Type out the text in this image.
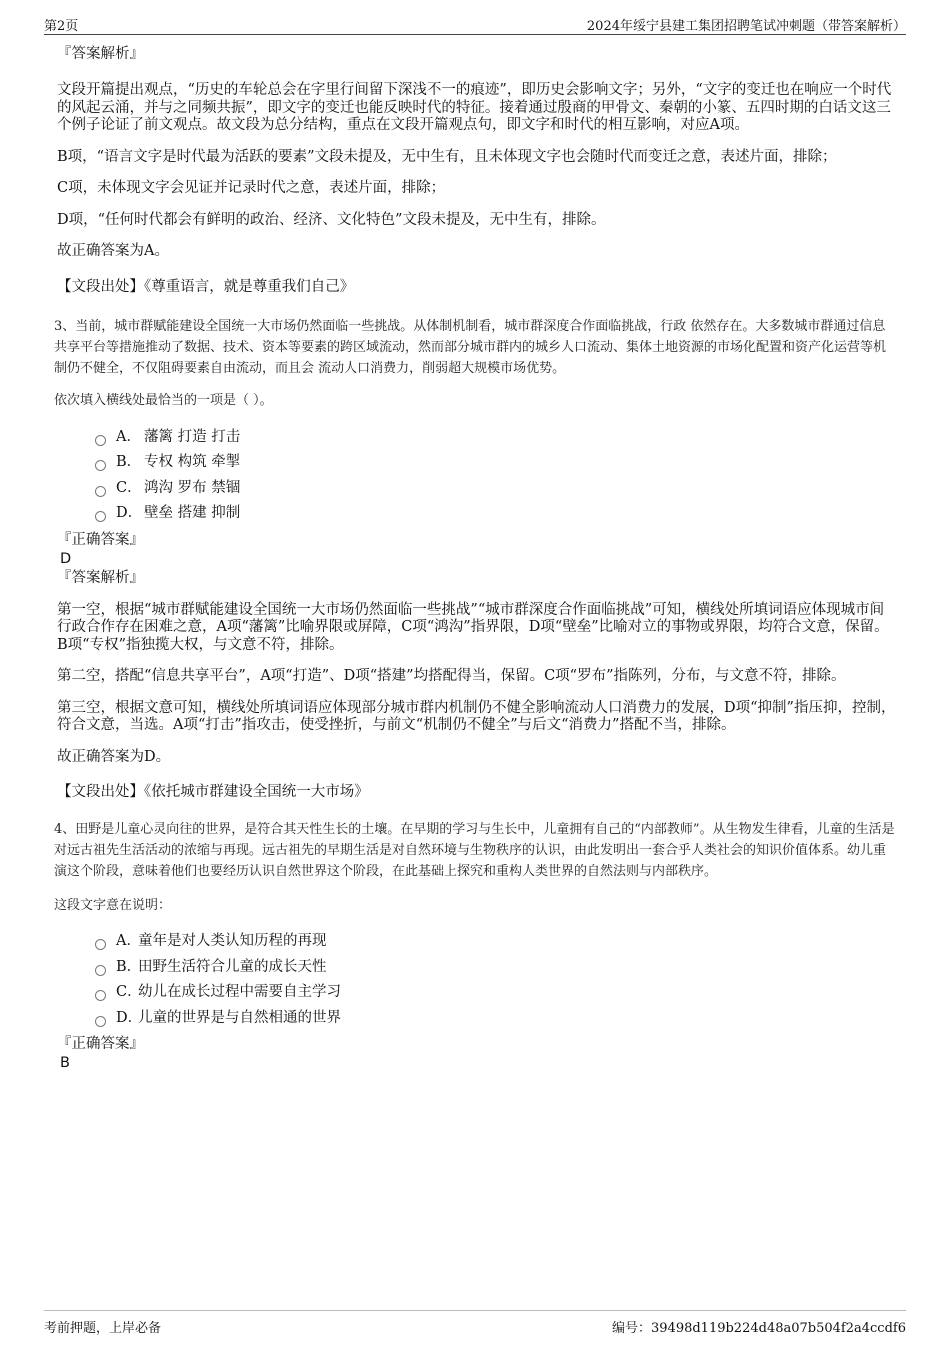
第2页	2024年绥宁县建工集团招聘笔试冲刺题（带答案解析）

『答案解析』

文段开篇提出观点，“历史的车轮总会在字里行间留下深浅不一的痕迹”，即历史会影响文字；另外，“文字的变迁也在响应一个时代的风起云涌，并与之同频共振”，即文字的变迁也能反映时代的特征。接着通过殷商的甲骨文、秦朝的小篆、五四时期的白话文这三个例子论证了前文观点。故文段为总分结构，重点在文段开篇观点句，即文字和时代的相互影响，对应A项。

B项，“语言文字是时代最为活跃的要素”文段未提及，无中生有，且未体现文字也会随时代而变迁之意，表述片面，排除；

C项，未体现文字会见证并记录时代之意，表述片面，排除；

D项，“任何时代都会有鲜明的政治、经济、文化特色”文段未提及，无中生有，排除。

故正确答案为A。

【文段出处】《尊重语言，就是尊重我们自己》

3、当前，城市群赋能建设全国统一大市场仍然面临一些挑战。从体制机制看，城市群深度合作面临挑战，行政 依然存在。大多数城市群通过信息共享平台等措施推动了数据、技术、资本等要素的跨区域流动，然而部分城市群内的城乡人口流动、集体土地资源的市场化配置和资产化运营等机制仍不健全，不仅阻碍要素自由流动，而且会 流动人口消费力，削弱超大规模市场优势。

依次填入横线处最恰当的一项是（ ）。

A． 藩篱 打造 打击
B． 专权 构筑 牵掣
C． 鸿沟 罗布 禁锢
D． 壁垒 搭建 抑制

『正确答案』

D

『答案解析』

第一空，根据“城市群赋能建设全国统一大市场仍然面临一些挑战”“城市群深度合作面临挑战”可知，横线处所填词语应体现城市间行政合作存在困难之意，A项“藩篱”比喻界限或屏障，C项“鸿沟”指界限，D项“壁垒”比喻对立的事物或界限，均符合文意，保留。B项“专权”指独揽大权，与文意不符，排除。

第二空，搭配“信息共享平台”，A项“打造”、D项“搭建”均搭配得当，保留。C项“罗布”指陈列，分布，与文意不符，排除。

第三空，根据文意可知，横线处所填词语应体现部分城市群内机制仍不健全影响流动人口消费力的发展，D项“抑制”指压抑，控制，符合文意，当选。A项“打击”指攻击，使受挫折，与前文“机制仍不健全”与后文“消费力”搭配不当，排除。

故正确答案为D。

【文段出处】《依托城市群建设全国统一大市场》

4、田野是儿童心灵向往的世界，是符合其天性生长的土壤。在早期的学习与生长中，儿童拥有自己的“内部教师”。从生物发生律看，儿童的生活是对远古祖先生活活动的浓缩与再现。远古祖先的早期生活是对自然环境与生物秩序的认识，由此发明出一套合乎人类社会的知识价值体系。幼儿重演这个阶段，意味着他们也要经历认识自然世界这个阶段，在此基础上探究和重构人类世界的自然法则与内部秩序。

这段文字意在说明：

A．
童年是对人类认知历程的再现
B．
田野生活符合儿童的成长天性
C．
幼儿在成长过程中需要自主学习
D．
儿童的世界是与自然相通的世界

『正确答案』

B

考前押题，上岸必备	编号：39498d119b224d48a07b504f2a4ccdf6
